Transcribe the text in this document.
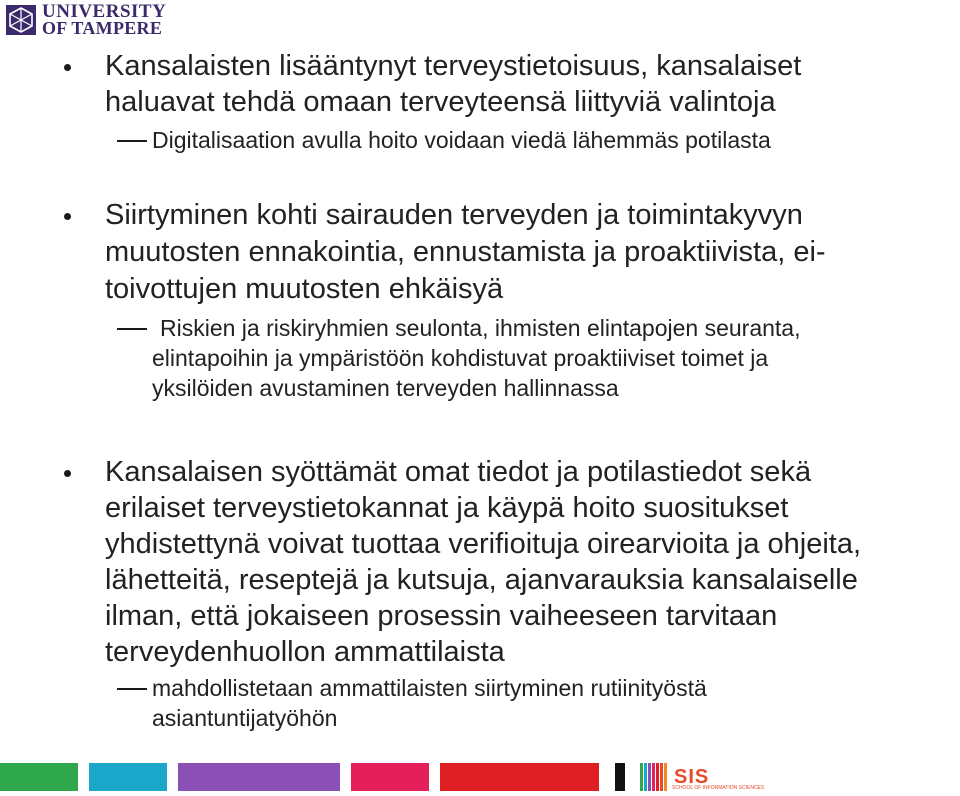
UNIVERSITY
OF TAMPERE
Kansalaisten lisääntynyt terveystietoisuus, kansalaiset
haluavat tehdä omaan terveyteensä liittyviä valintoja
Digitalisaation avulla hoito voidaan viedä lähemmäs potilasta
Siirtyminen kohti sairauden terveyden ja toimintakyvyn
muutosten ennakointia, ennustamista ja proaktiivista, ei-
toivottujen muutosten ehkäisyä
Riskien ja riskiryhmien seulonta, ihmisten elintapojen seuranta,
elintapoihin ja ympäristöön kohdistuvat proaktiiviset toimet ja
yksilöiden avustaminen terveyden hallinnassa
Kansalaisen syöttämät omat tiedot ja potilastiedot sekä
erilaiset terveystietokannat ja käypä hoito suositukset
yhdistettynä voivat tuottaa verifioituja oirearvioita ja ohjeita,
lähetteitä, reseptejä ja kutsuja, ajanvarauksia kansalaiselle
ilman, että jokaiseen prosessin vaiheeseen tarvitaan
terveydenhuollon ammattilaista
mahdollistetaan ammattilaisten siirtyminen rutiinityöstä
asiantuntijatyöhön
SIS
SCHOOL OF INFORMATION SCIENCES
